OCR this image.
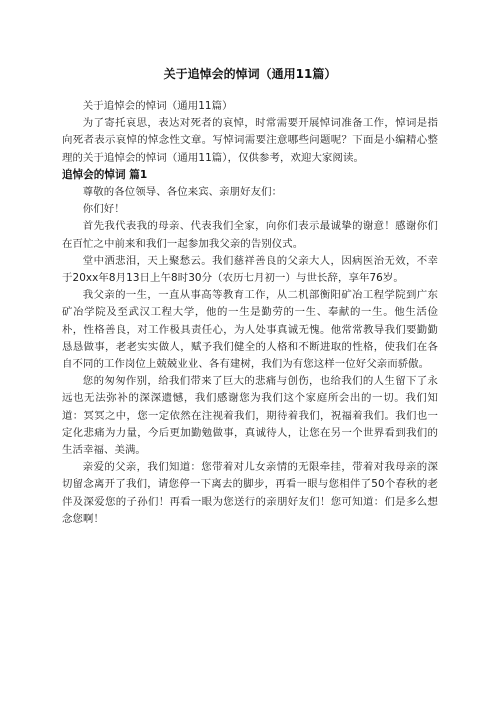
关于追悼会的悼词（通用11篇）

关于追悼会的悼词（通用11篇）

为了寄托哀思，表达对死者的哀悼，时常需要开展悼词准备工作，悼词是指向死者表示哀悼的悼念性文章。写悼词需要注意哪些问题呢？下面是小编精心整理的关于追悼会的悼词（通用11篇），仅供参考，欢迎大家阅读。

追悼会的悼词 篇1

尊敬的各位领导、各位来宾、亲朋好友们：

你们好！

首先我代表我的母亲、代表我们全家，向你们表示最诚挚的谢意！感谢你们在百忙之中前来和我们一起参加我父亲的告别仪式。

堂中洒悲泪，天上聚愁云。我们慈祥善良的父亲大人，因病医治无效，不幸于20xx年8月13日上午8时30分（农历七月初一）与世长辞，享年76岁。

我父亲的一生，一直从事高等教育工作，从二机部衡阳矿冶工程学院到广东矿冶学院及至武汉工程大学，他的一生是勤劳的一生、奉献的一生。他生活俭朴，性格善良，对工作极具责任心，为人处事真诚无愧。他常常教导我们要勤勤恳恳做事，老老实实做人，赋予我们健全的人格和不断进取的性格，使我们在各自不同的工作岗位上兢兢业业、各有建树，我们为有您这样一位好父亲而骄傲。

您的匆匆作别，给我们带来了巨大的悲痛与创伤，也给我们的人生留下了永远也无法弥补的深深遗憾，我们感谢您为我们这个家庭所会出的一切。我们知道：冥冥之中，您一定依然在注视着我们，期待着我们，祝福着我们。我们也一定化悲痛为力量，今后更加勤勉做事，真诚待人，让您在另一个世界看到我们的生活幸福、美满。

亲爱的父亲，我们知道：您带着对儿女亲情的无限牵挂，带着对我母亲的深切留念离开了我们，请您停一下离去的脚步，再看一眼与您相伴了50个春秋的老伴及深爱您的子孙们！再看一眼为您送行的亲朋好友们！您可知道：们是多么想念您啊！
